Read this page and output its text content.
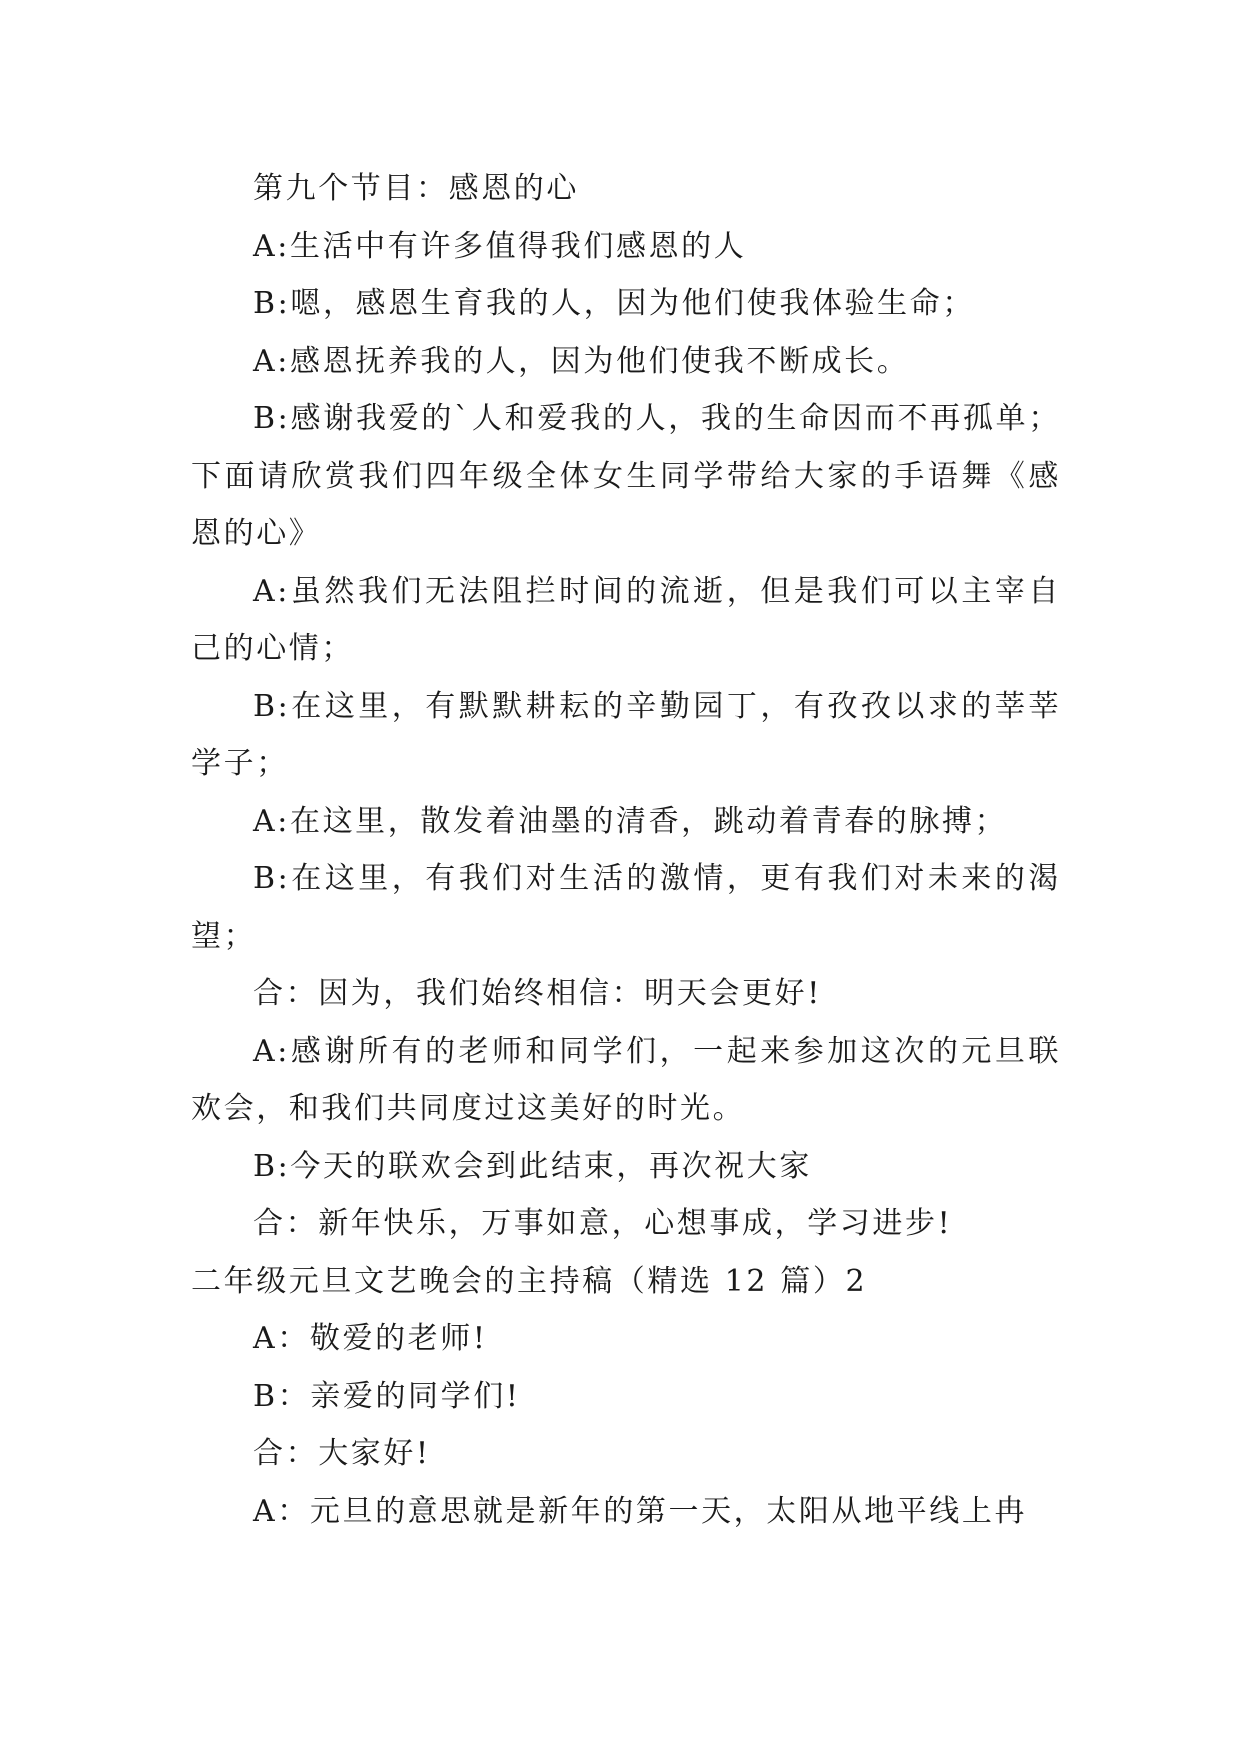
第九个节目：感恩的心

A:生活中有许多值得我们感恩的人

B:嗯，感恩生育我的人，因为他们使我体验生命；

A:感恩抚养我的人，因为他们使我不断成长。

B:感谢我爱的`人和爱我的人，我的生命因而不再孤单；下面请欣赏我们四年级全体女生同学带给大家的手语舞《感恩的心》

A:虽然我们无法阻拦时间的流逝，但是我们可以主宰自己的心情；

B:在这里，有默默耕耘的辛勤园丁，有孜孜以求的莘莘学子；

A:在这里，散发着油墨的清香，跳动着青春的脉搏；

B:在这里，有我们对生活的激情，更有我们对未来的渴望；

合：因为，我们始终相信：明天会更好!

A:感谢所有的老师和同学们，一起来参加这次的元旦联欢会，和我们共同度过这美好的时光。

B:今天的联欢会到此结束，再次祝大家

合：新年快乐，万事如意，心想事成，学习进步!

二年级元旦文艺晚会的主持稿（精选 12 篇）2

A：敬爱的老师!

B：亲爱的同学们!

合：大家好!

A：元旦的意思就是新年的第一天，太阳从地平线上冉
